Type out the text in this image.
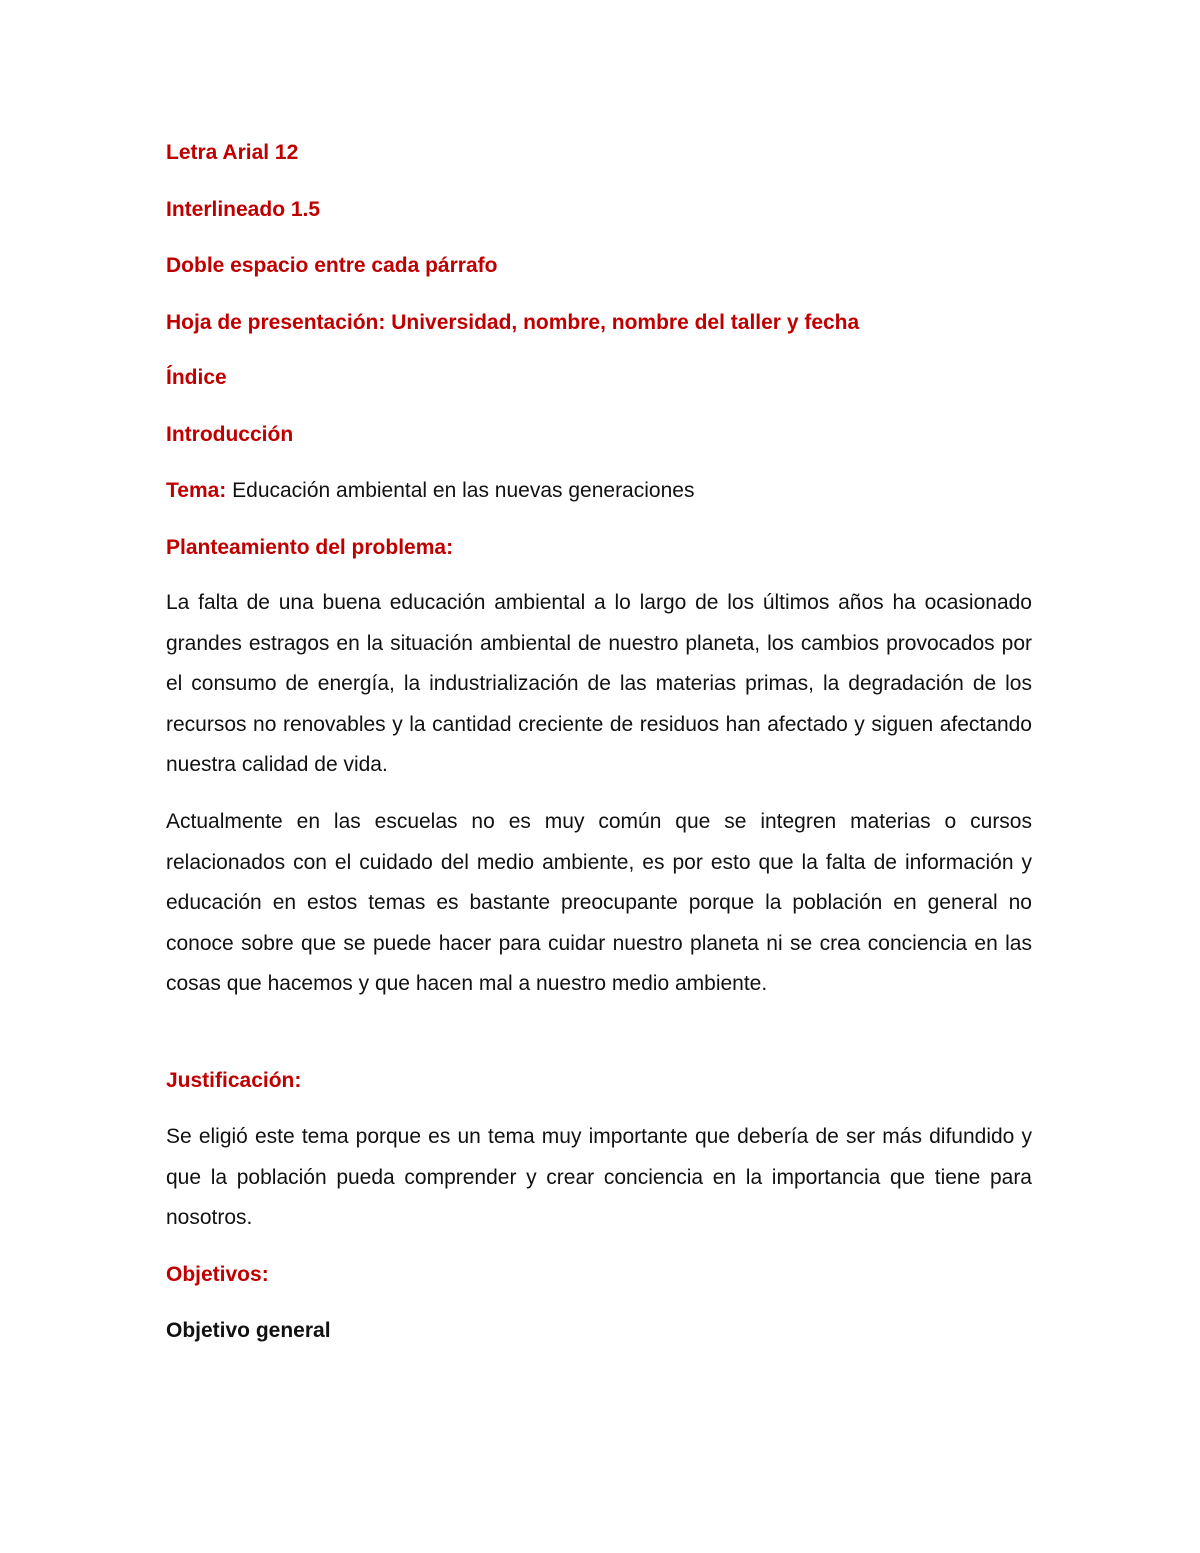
Letra Arial 12

Interlineado 1.5

Doble espacio entre cada párrafo

Hoja de presentación: Universidad, nombre, nombre del taller y fecha

Índice

Introducción

Tema: Educación ambiental en las nuevas generaciones

Planteamiento del problema:

La falta de una buena educación ambiental a lo largo de los últimos años ha ocasionado grandes estragos en la situación ambiental de nuestro planeta, los cambios provocados por el consumo de energía, la industrialización de las materias primas, la degradación de los recursos no renovables y la cantidad creciente de residuos han afectado y siguen afectando nuestra calidad de vida.

Actualmente en las escuelas no es muy común que se integren materias o cursos relacionados con el cuidado del medio ambiente, es por esto que la falta de información y educación en estos temas es bastante preocupante porque la población en general no conoce sobre que se puede hacer para cuidar nuestro planeta ni se crea conciencia en las cosas que hacemos y que hacen mal a nuestro medio ambiente.

Justificación:

Se eligió este tema porque es un tema muy importante que debería de ser más difundido y que la población pueda comprender y crear conciencia en la importancia que tiene para nosotros.

Objetivos:

Objetivo general
